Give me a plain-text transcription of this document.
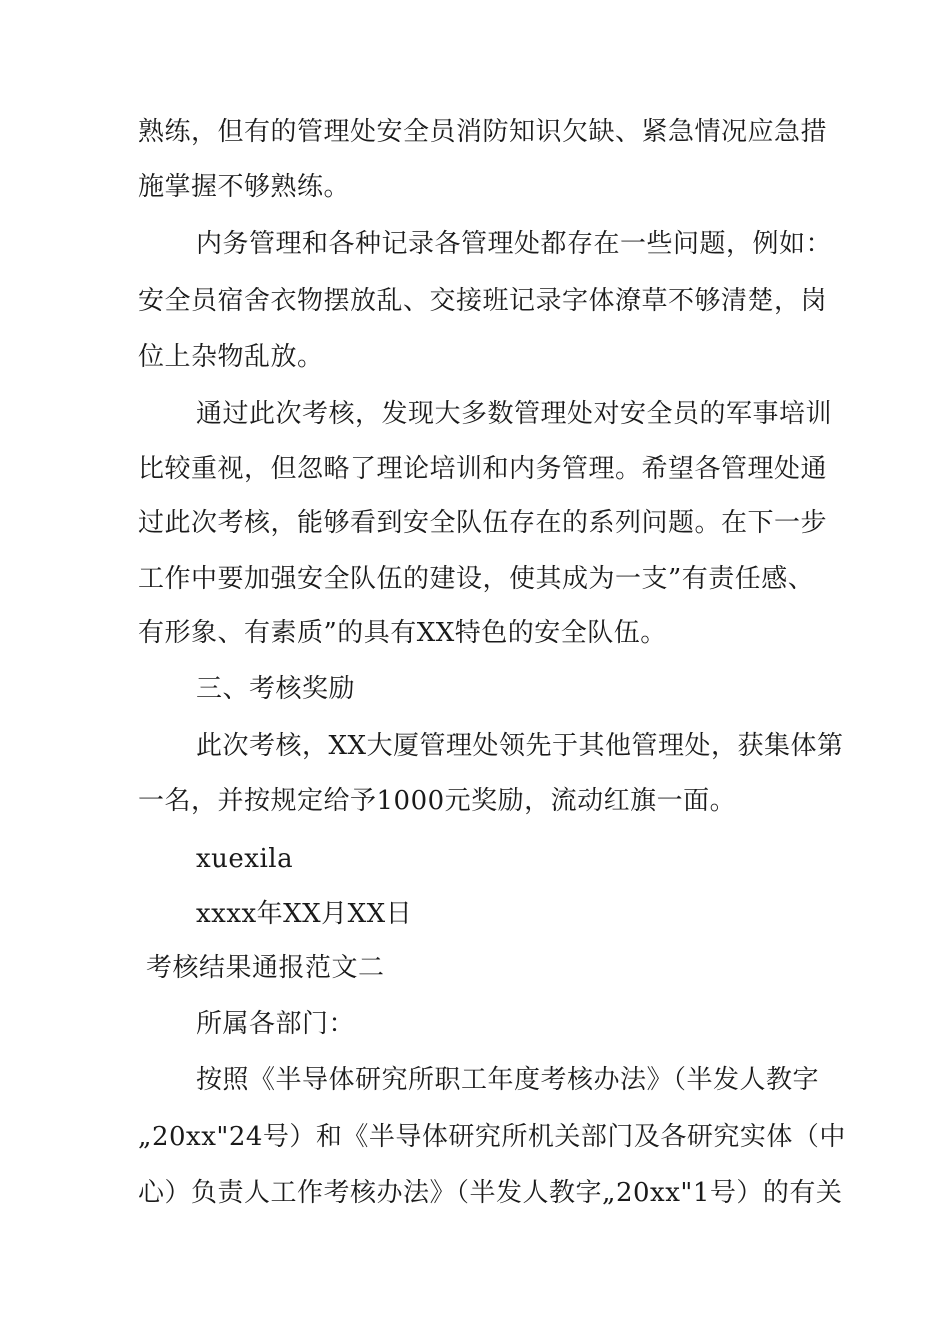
熟练，但有的管理处安全员消防知识欠缺、紧急情况应急措
施掌握不够熟练。
内务管理和各种记录各管理处都存在一些问题，例如：
安全员宿舍衣物摆放乱、交接班记录字体潦草不够清楚，岗
位上杂物乱放。
通过此次考核，发现大多数管理处对安全员的军事培训
比较重视，但忽略了理论培训和内务管理。希望各管理处通
过此次考核，能够看到安全队伍存在的系列问题。在下一步
工作中要加强安全队伍的建设，使其成为一支”有责任感、
有形象、有素质”的具有XX特色的安全队伍。
三、考核奖励
此次考核，XX大厦管理处领先于其他管理处，获集体第
一名，并按规定给予1000元奖励，流动红旗一面。
xuexila
xxxx年XX月XX日
考核结果通报范文二
所属各部门：
按照《半导体研究所职工年度考核办法》（半发人教字
„20xx"24号）和《半导体研究所机关部门及各研究实体（中
心）负责人工作考核办法》（半发人教字„20xx"1号）的有关
